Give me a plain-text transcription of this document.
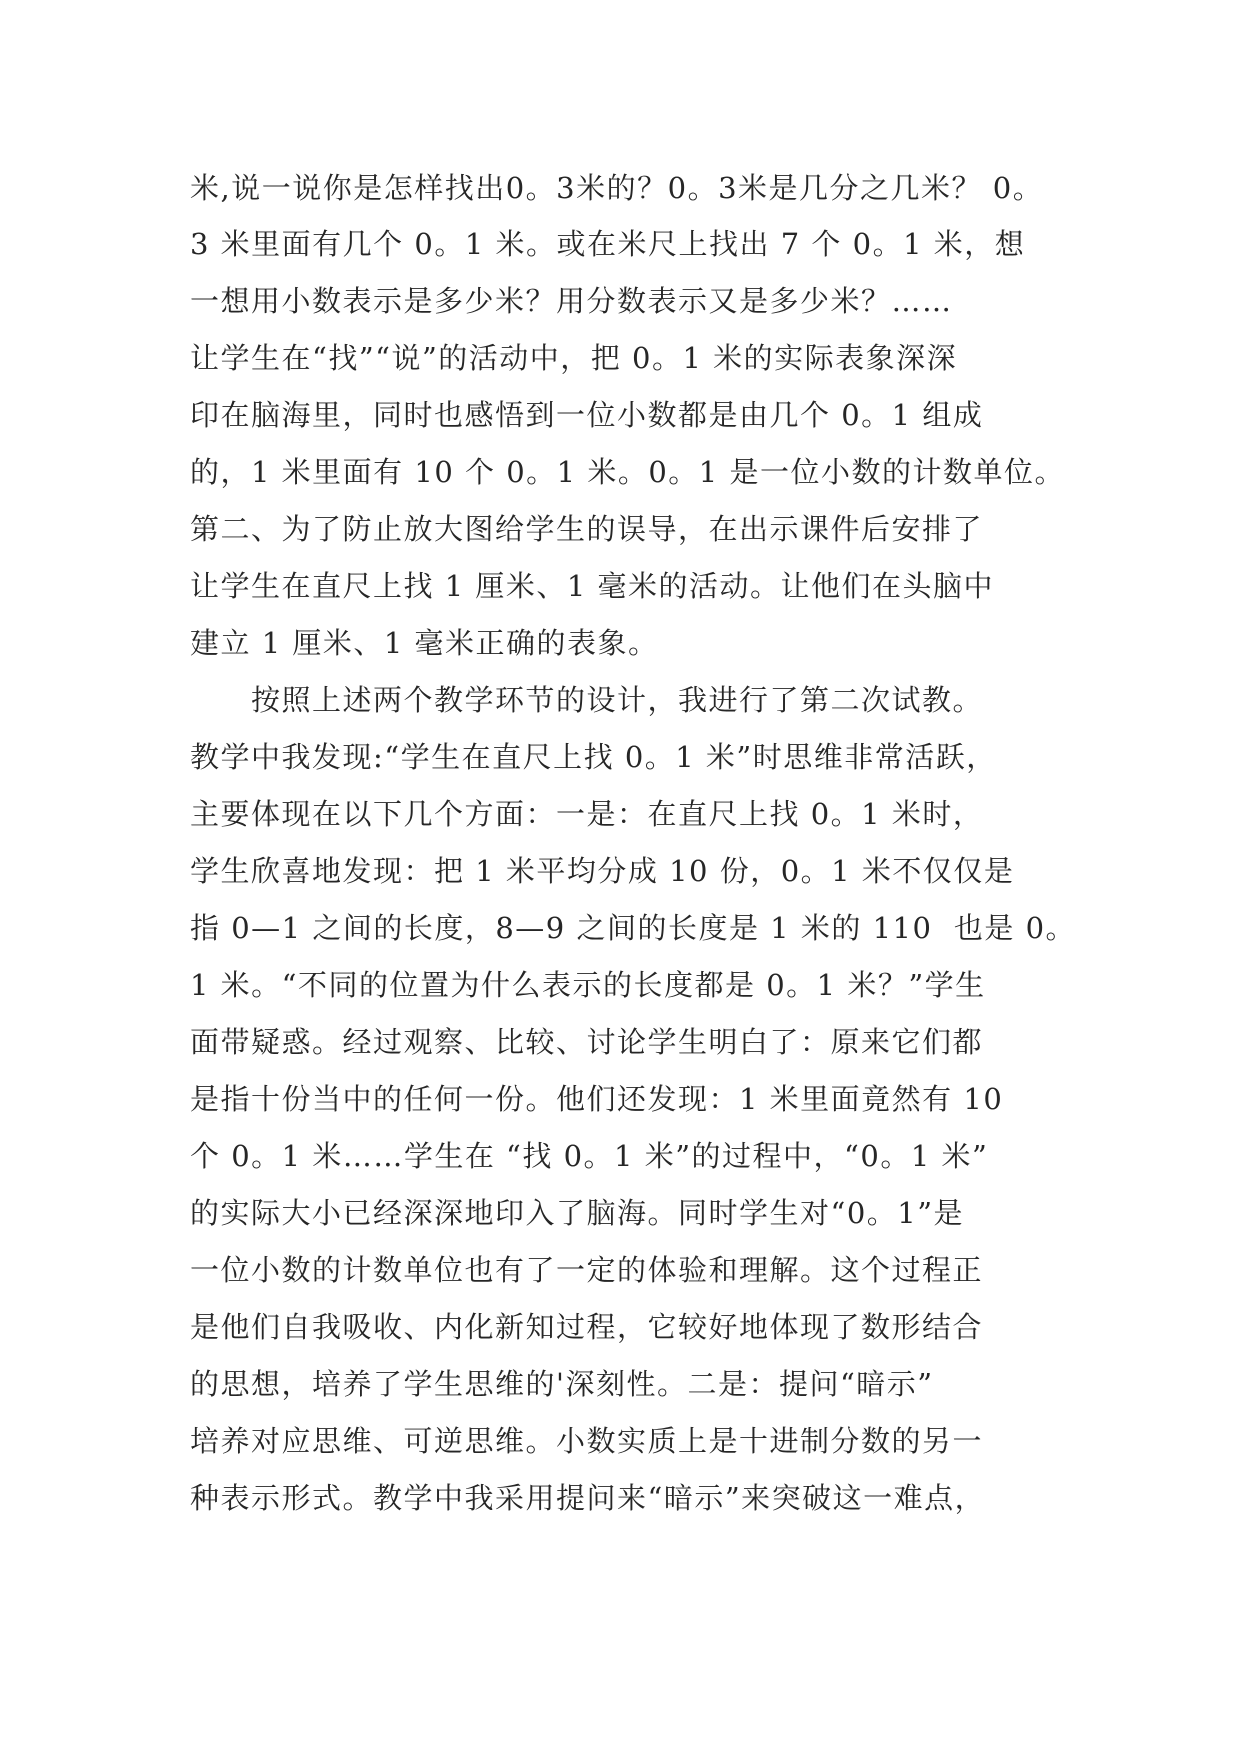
米,说一说你是怎样找出0。3米的？0。3米是几分之几米？ 0。

3 米里面有几个 0。1 米。或在米尺上找出 7 个 0。1 米，想

一想用小数表示是多少米？用分数表示又是多少米？……

让学生在“找”“说”的活动中，把 0。1 米的实际表象深深

印在脑海里，同时也感悟到一位小数都是由几个 0。1 组成

的，1 米里面有 10 个 0。1 米。0。1 是一位小数的计数单位。

第二、为了防止放大图给学生的误导，在出示课件后安排了

让学生在直尺上找 1 厘米、1 毫米的活动。让他们在头脑中

建立 1 厘米、1 毫米正确的表象。

　　按照上述两个教学环节的设计，我进行了第二次试教。

教学中我发现:“学生在直尺上找 0。1 米”时思维非常活跃，

主要体现在以下几个方面：一是：在直尺上找 0。1 米时，

学生欣喜地发现：把 1 米平均分成 10 份，0。1 米不仅仅是

指 0—1 之间的长度，8—9 之间的长度是 1 米的 110  也是 0。

1 米。“不同的位置为什么表示的长度都是 0。1 米？”学生

面带疑惑。经过观察、比较、讨论学生明白了：原来它们都

是指十份当中的任何一份。他们还发现：1 米里面竟然有 10

个 0。1 米……学生在 “找 0。1 米”的过程中，“0。1 米”

的实际大小已经深深地印入了脑海。同时学生对“0。1”是

一位小数的计数单位也有了一定的体验和理解。这个过程正

是他们自我吸收、内化新知过程，它较好地体现了数形结合

的思想，培养了学生思维的'深刻性。二是：提问“暗示”

培养对应思维、可逆思维。小数实质上是十进制分数的另一

种表示形式。教学中我采用提问来“暗示”来突破这一难点，
